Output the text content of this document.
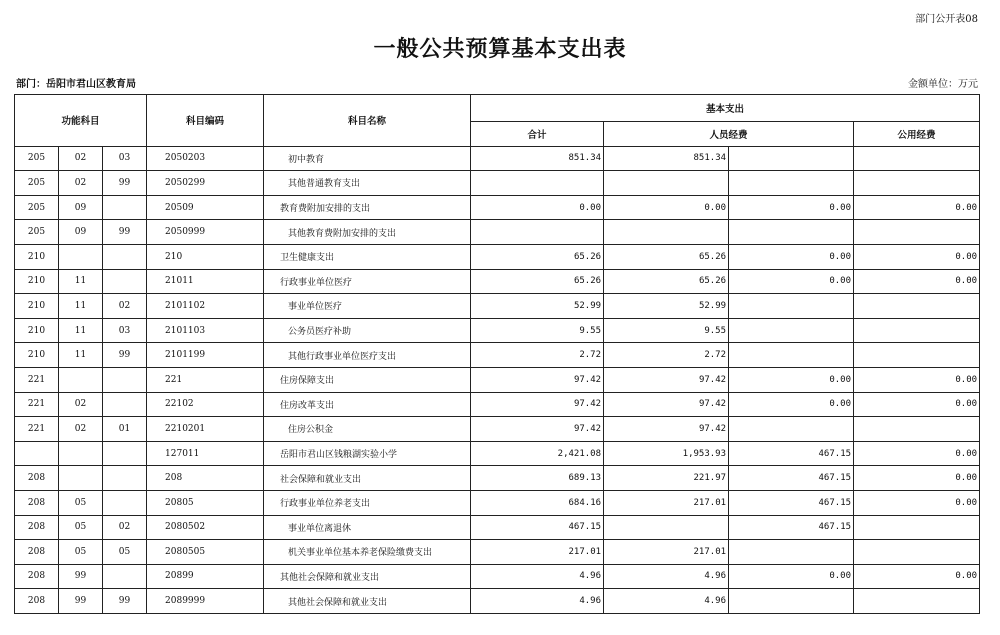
部门公开表08
一般公共预算基本支出表
部门：岳阳市君山区教育局	金额单位：万元
功能科目			科目编码	科目名称	基本支出			
					合计	人员经费		公用经费
205	02	03	2050203	初中教育	851.34	851.34		
205	02	99	2050299	其他普通教育支出				
205	09		20509	教育费附加安排的支出	0.00	0.00	0.00	0.00
205	09	99	2050999	其他教育费附加安排的支出				
210			210	卫生健康支出	65.26	65.26	0.00	0.00
210	11		21011	行政事业单位医疗	65.26	65.26	0.00	0.00
210	11	02	2101102	事业单位医疗	52.99	52.99		
210	11	03	2101103	公务员医疗补助	9.55	9.55		
210	11	99	2101199	其他行政事业单位医疗支出	2.72	2.72		
221			221	住房保障支出	97.42	97.42	0.00	0.00
221	02		22102	住房改革支出	97.42	97.42	0.00	0.00
221	02	01	2210201	住房公积金	97.42	97.42		
			127011	岳阳市君山区钱粮湖实验小学	2,421.08	1,953.93	467.15	0.00
208			208	社会保障和就业支出	689.13	221.97	467.15	0.00
208	05		20805	行政事业单位养老支出	684.16	217.01	467.15	0.00
208	05	02	2080502	事业单位离退休	467.15		467.15	
208	05	05	2080505	机关事业单位基本养老保险缴费支出	217.01	217.01		
208	99		20899	其他社会保障和就业支出	4.96	4.96	0.00	0.00
208	99	99	2089999	其他社会保障和就业支出	4.96	4.96		
